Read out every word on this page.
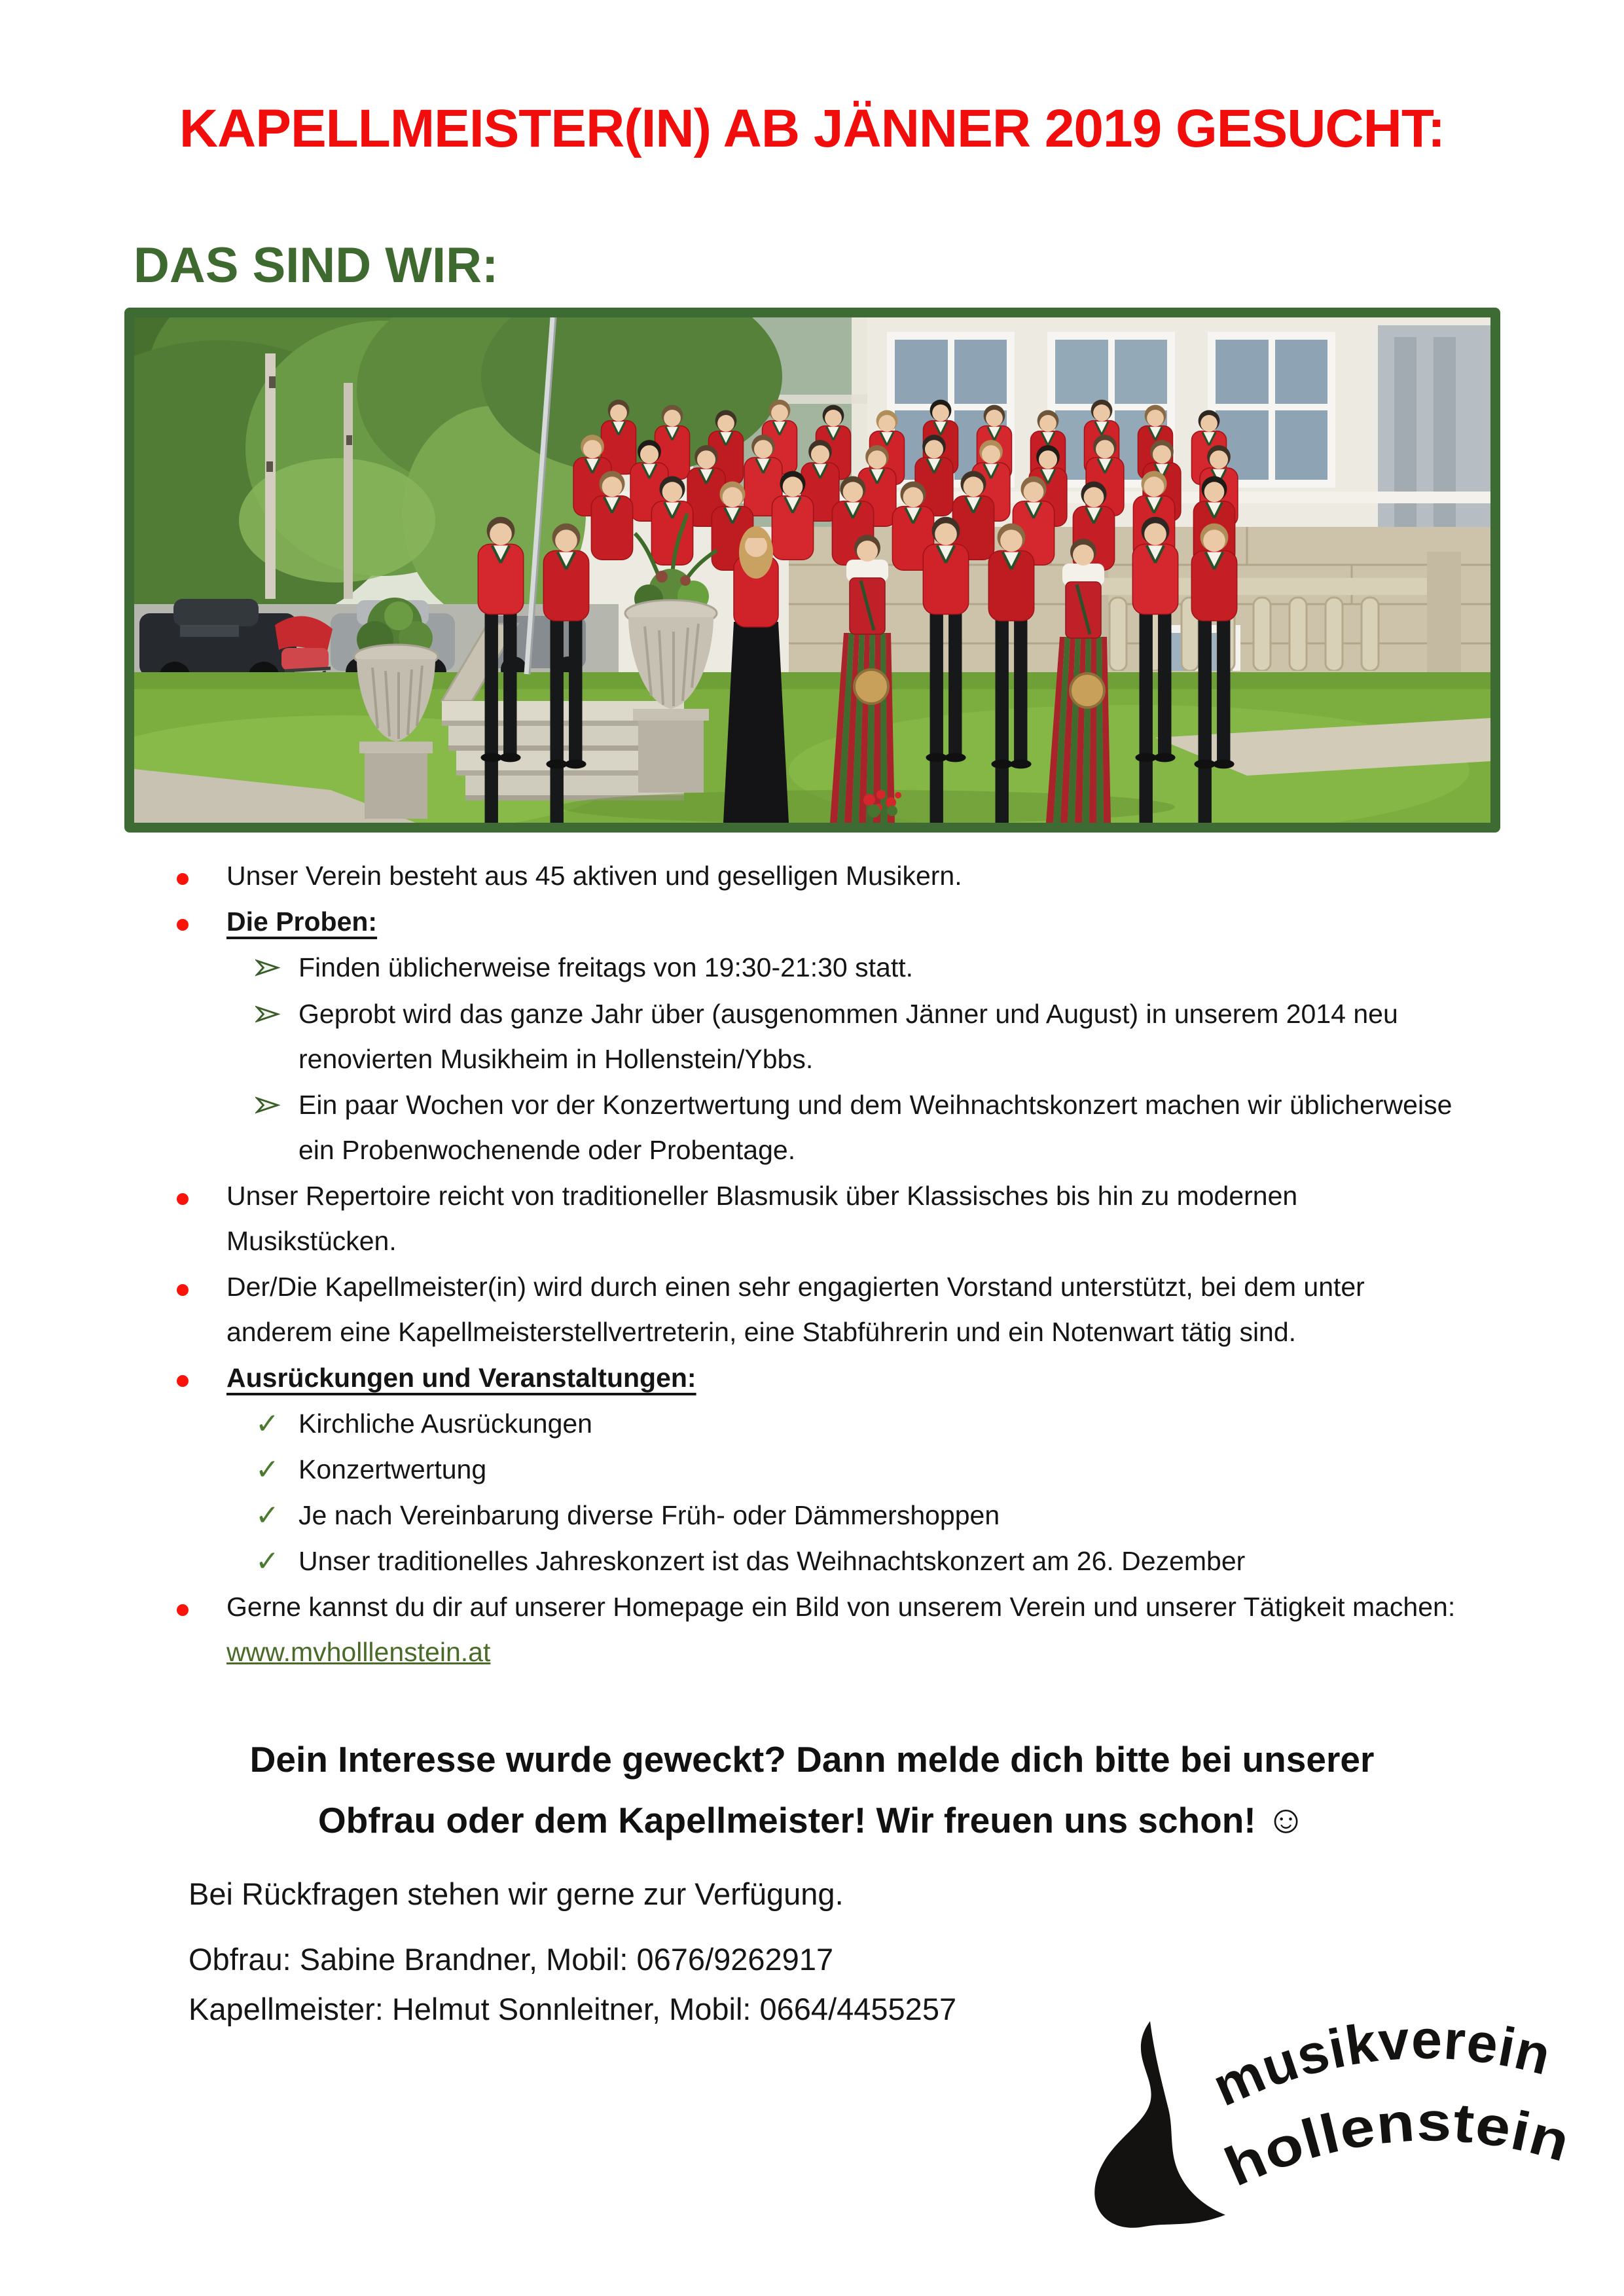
KAPELLMEISTER(IN) AB JÄNNER 2019 GESUCHT:
DAS SIND WIR:
Unser Verein besteht aus 45 aktiven und geselligen Musikern.
Die Proben:
Finden üblicherweise freitags von 19:30-21:30 statt.
Geprobt wird das ganze Jahr über (ausgenommen Jänner und August) in unserem 2014 neu renovierten Musikheim in Hollenstein/Ybbs.
Ein paar Wochen vor der Konzertwertung und dem Weihnachtskonzert machen wir üblicherweise ein Probenwochenende oder Probentage.
Unser Repertoire reicht von traditioneller Blasmusik über Klassisches bis hin zu modernen Musikstücken.
Der/Die Kapellmeister(in) wird durch einen sehr engagierten Vorstand unterstützt, bei dem unter anderem eine Kapellmeisterstellvertreterin, eine Stabführerin und ein Notenwart tätig sind.
Ausrückungen und Veranstaltungen:
✓ Kirchliche Ausrückungen
✓ Konzertwertung
✓ Je nach Vereinbarung diverse Früh- oder Dämmershoppen
✓ Unser traditionelles Jahreskonzert ist das Weihnachtskonzert am 26. Dezember
Gerne kannst du dir auf unserer Homepage ein Bild von unserem Verein und unserer Tätigkeit machen: www.mvholllenstein.at
Dein Interesse wurde geweckt? Dann melde dich bitte bei unserer
Obfrau oder dem Kapellmeister! Wir freuen uns schon! ☺
Bei Rückfragen stehen wir gerne zur Verfügung.
Obfrau: Sabine Brandner, Mobil: 0676/9262917
Kapellmeister: Helmut Sonnleitner, Mobil: 0664/4455257
musikverein
hollenstein
